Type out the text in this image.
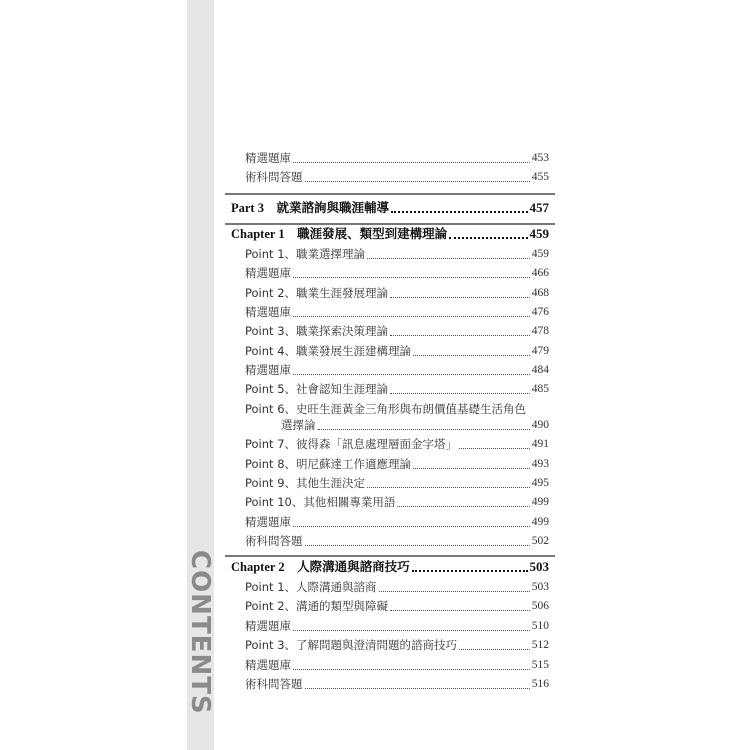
CONTENTS
精選題庫	453
術科問答題	455
Part 3　就業諮詢與職涯輔導	457
Chapter 1　職涯發展、類型到建構理論	459
Point 1、職業選擇理論	459
精選題庫	466
Point 2、職業生涯發展理論	468
精選題庫	476
Point 3、職業探索決策理論	478
Point 4、職業發展生涯建構理論	479
精選題庫	484
Point 5、社會認知生涯理論	485
Point 6、史旺生涯黃金三角形與布朗價值基礎生活角色
選擇論	490
Point 7、彼得森「訊息處理層面金字塔」	491
Point 8、明尼蘇達工作適應理論	493
Point 9、其他生涯決定	495
Point 10、其他相關專業用語	499
精選題庫	499
術科問答題	502
Chapter 2　人際溝通與諮商技巧	503
Point 1、人際溝通與諮商	503
Point 2、溝通的類型與障礙	506
精選題庫	510
Point 3、了解問題與澄清問題的諮商技巧	512
精選題庫	515
術科問答題	516
